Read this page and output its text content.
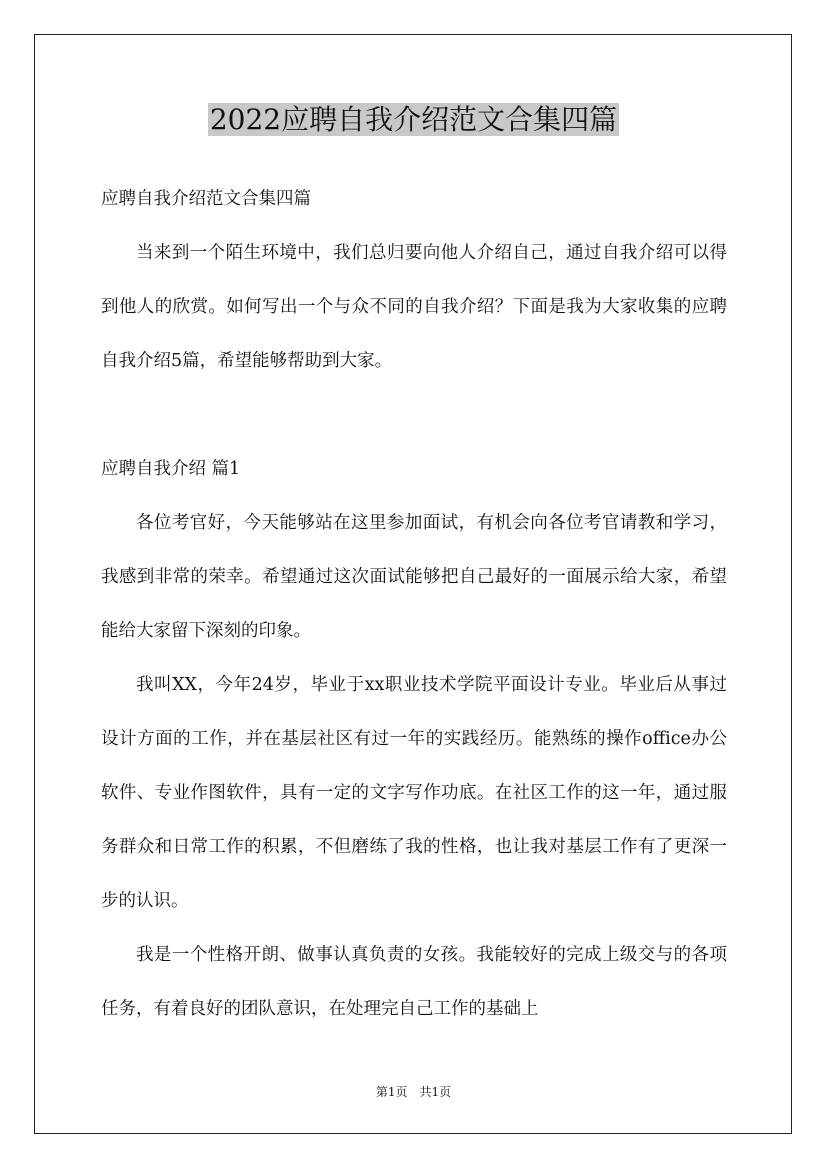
2022应聘自我介绍范文合集四篇

应聘自我介绍范文合集四篇

当来到一个陌生环境中，我们总归要向他人介绍自己，通过自我介绍可以得到他人的欣赏。如何写出一个与众不同的自我介绍？下面是我为大家收集的应聘自我介绍5篇，希望能够帮助到大家。

应聘自我介绍 篇1

各位考官好，今天能够站在这里参加面试，有机会向各位考官请教和学习，我感到非常的荣幸。希望通过这次面试能够把自己最好的一面展示给大家，希望能给大家留下深刻的印象。

我叫XX，今年24岁，毕业于xx职业技术学院平面设计专业。毕业后从事过设计方面的工作，并在基层社区有过一年的实践经历。能熟练的操作office办公软件、专业作图软件，具有一定的文字写作功底。在社区工作的这一年，通过服务群众和日常工作的积累，不但磨练了我的性格，也让我对基层工作有了更深一步的认识。

我是一个性格开朗、做事认真负责的女孩。我能较好的完成上级交与的各项任务，有着良好的团队意识，在处理完自己工作的基础上

第1页 共1页
